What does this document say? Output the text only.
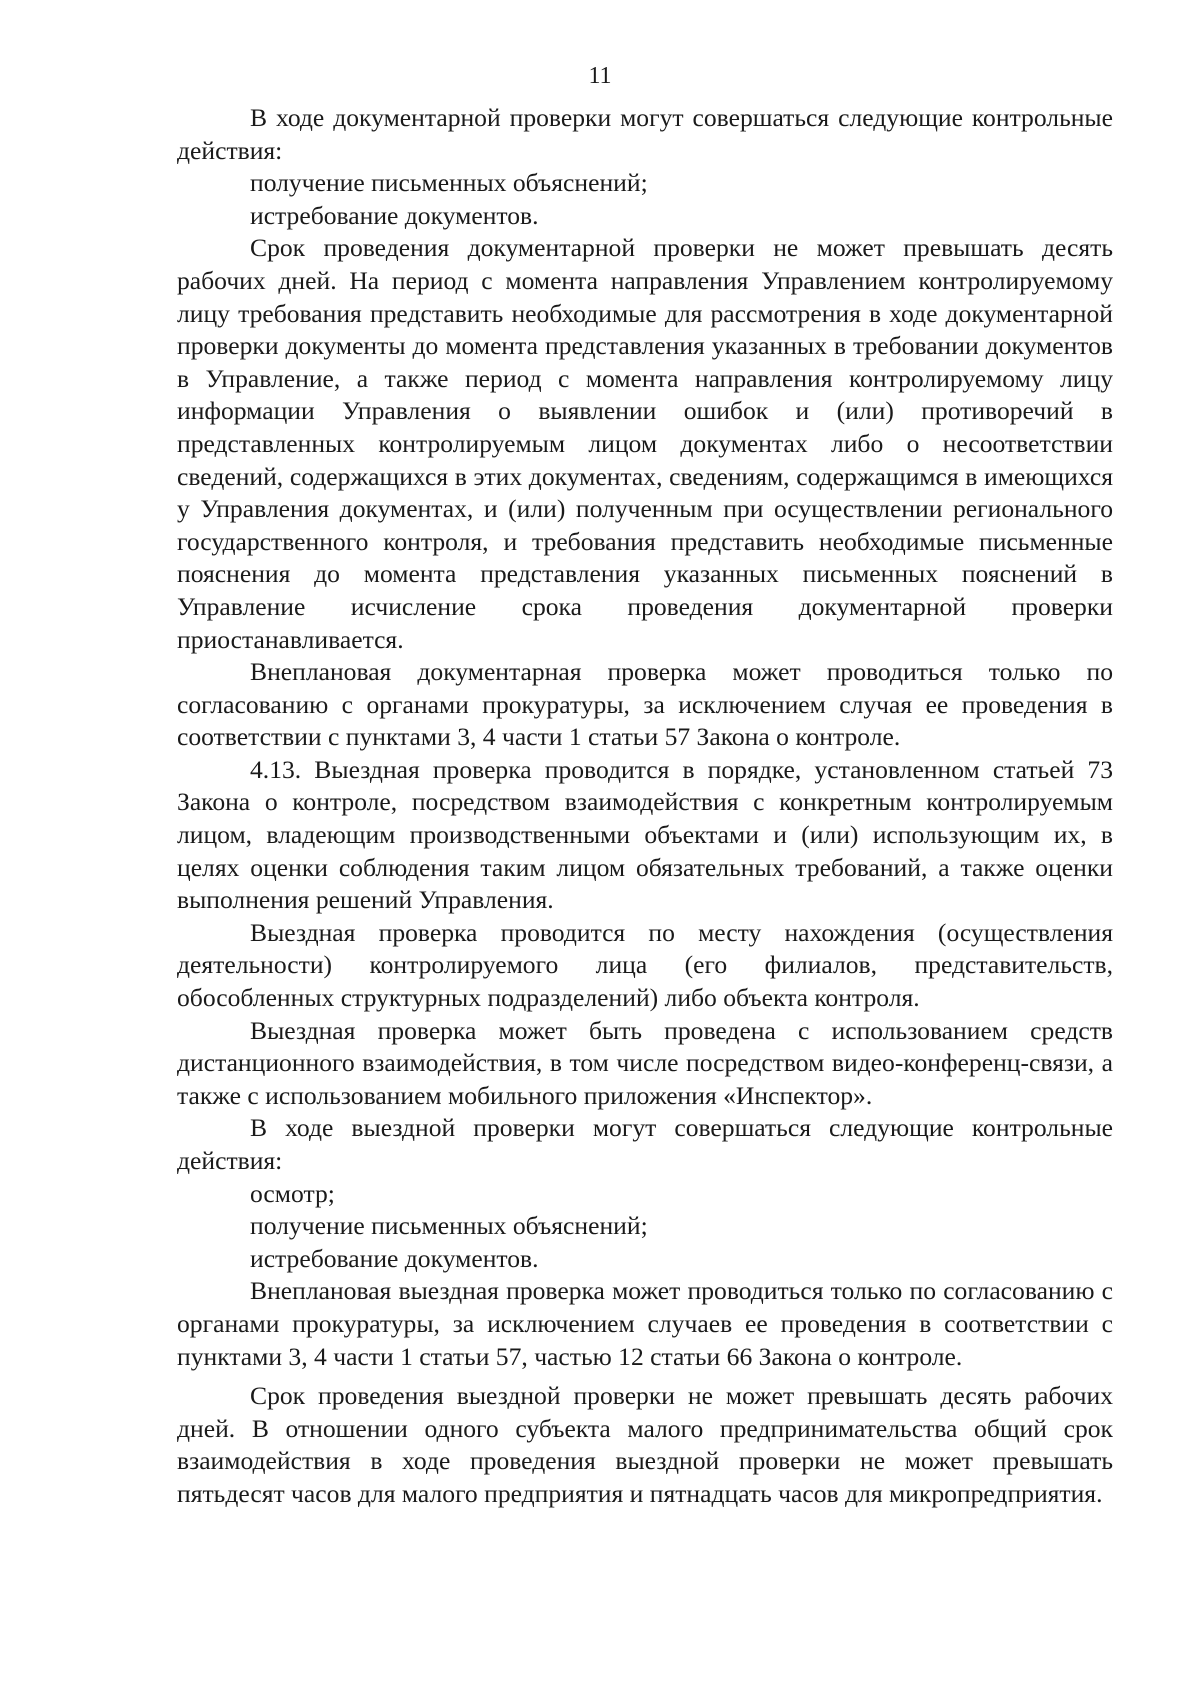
11

В ходе документарной проверки могут совершаться следующие контрольные действия:

получение письменных объяснений;

истребование документов.

Срок проведения документарной проверки не может превышать десять рабочих дней. На период с момента направления Управлением контролируемому лицу требования представить необходимые для рассмотрения в ходе документарной проверки документы до момента представления указанных в требовании документов в Управление, а также период с момента направления контролируемому лицу информации Управления о выявлении ошибок и (или) противоречий в представленных контролируемым лицом документах либо о несоответствии сведений, содержащихся в этих документах, сведениям, содержащимся в имеющихся у Управления документах, и (или) полученным при осуществлении регионального государственного контроля, и требования представить необходимые письменные пояснения до момента представления указанных письменных пояснений в Управление исчисление срока проведения документарной проверки приостанавливается.

Внеплановая документарная проверка может проводиться только по согласованию с органами прокуратуры, за исключением случая ее проведения в соответствии с пунктами 3, 4 части 1 статьи 57 Закона о контроле.

4.13. Выездная проверка проводится в порядке, установленном статьей 73 Закона о контроле, посредством взаимодействия с конкретным контролируемым лицом, владеющим производственными объектами и (или) использующим их, в целях оценки соблюдения таким лицом обязательных требований, а также оценки выполнения решений Управления.

Выездная проверка проводится по месту нахождения (осуществления деятельности) контролируемого лица (его филиалов, представительств, обособленных структурных подразделений) либо объекта контроля.

Выездная проверка может быть проведена с использованием средств дистанционного взаимодействия, в том числе посредством видео-конференц-связи, а также с использованием мобильного приложения «Инспектор».

В ходе выездной проверки могут совершаться следующие контрольные действия:

осмотр;

получение письменных объяснений;

истребование документов.

Внеплановая выездная проверка может проводиться только по согласованию с органами прокуратуры, за исключением случаев ее проведения в соответствии с пунктами 3, 4 части 1 статьи 57, частью 12 статьи 66 Закона о контроле.

Срок проведения выездной проверки не может превышать десять рабочих дней. В отношении одного субъекта малого предпринимательства общий срок взаимодействия в ходе проведения выездной проверки не может превышать пятьдесят часов для малого предприятия и пятнадцать часов для микропредприятия.
